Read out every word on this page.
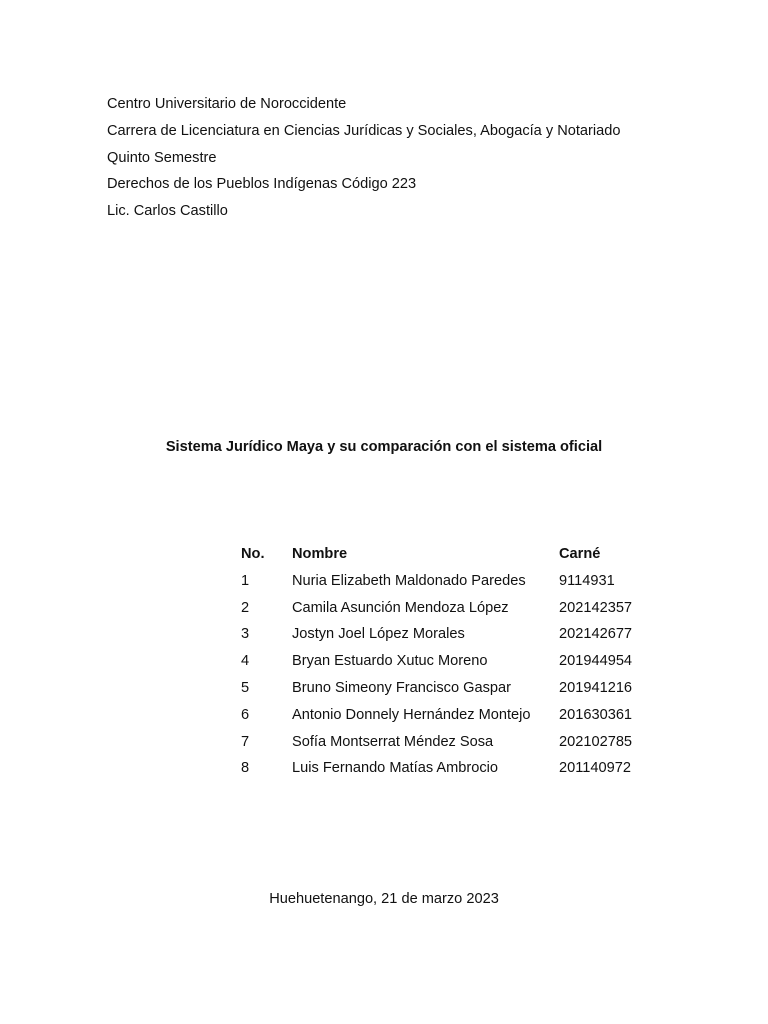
Centro Universitario de Noroccidente
Carrera de Licenciatura en Ciencias Jurídicas y Sociales, Abogacía y Notariado
Quinto Semestre
Derechos de los Pueblos Indígenas Código 223
Lic. Carlos Castillo
Sistema Jurídico Maya y su comparación con el sistema oficial
No.	Nombre	Carné
1	Nuria Elizabeth Maldonado Paredes	9114931
2	Camila Asunción Mendoza López	202142357
3	Jostyn Joel López Morales	202142677
4	Bryan Estuardo Xutuc Moreno	201944954
5	Bruno Simeony Francisco Gaspar	201941216
6	Antonio Donnely Hernández Montejo	201630361
7	Sofía Montserrat Méndez Sosa	202102785
8	Luis Fernando Matías Ambrocio	201140972
Huehuetenango, 21 de marzo 2023
